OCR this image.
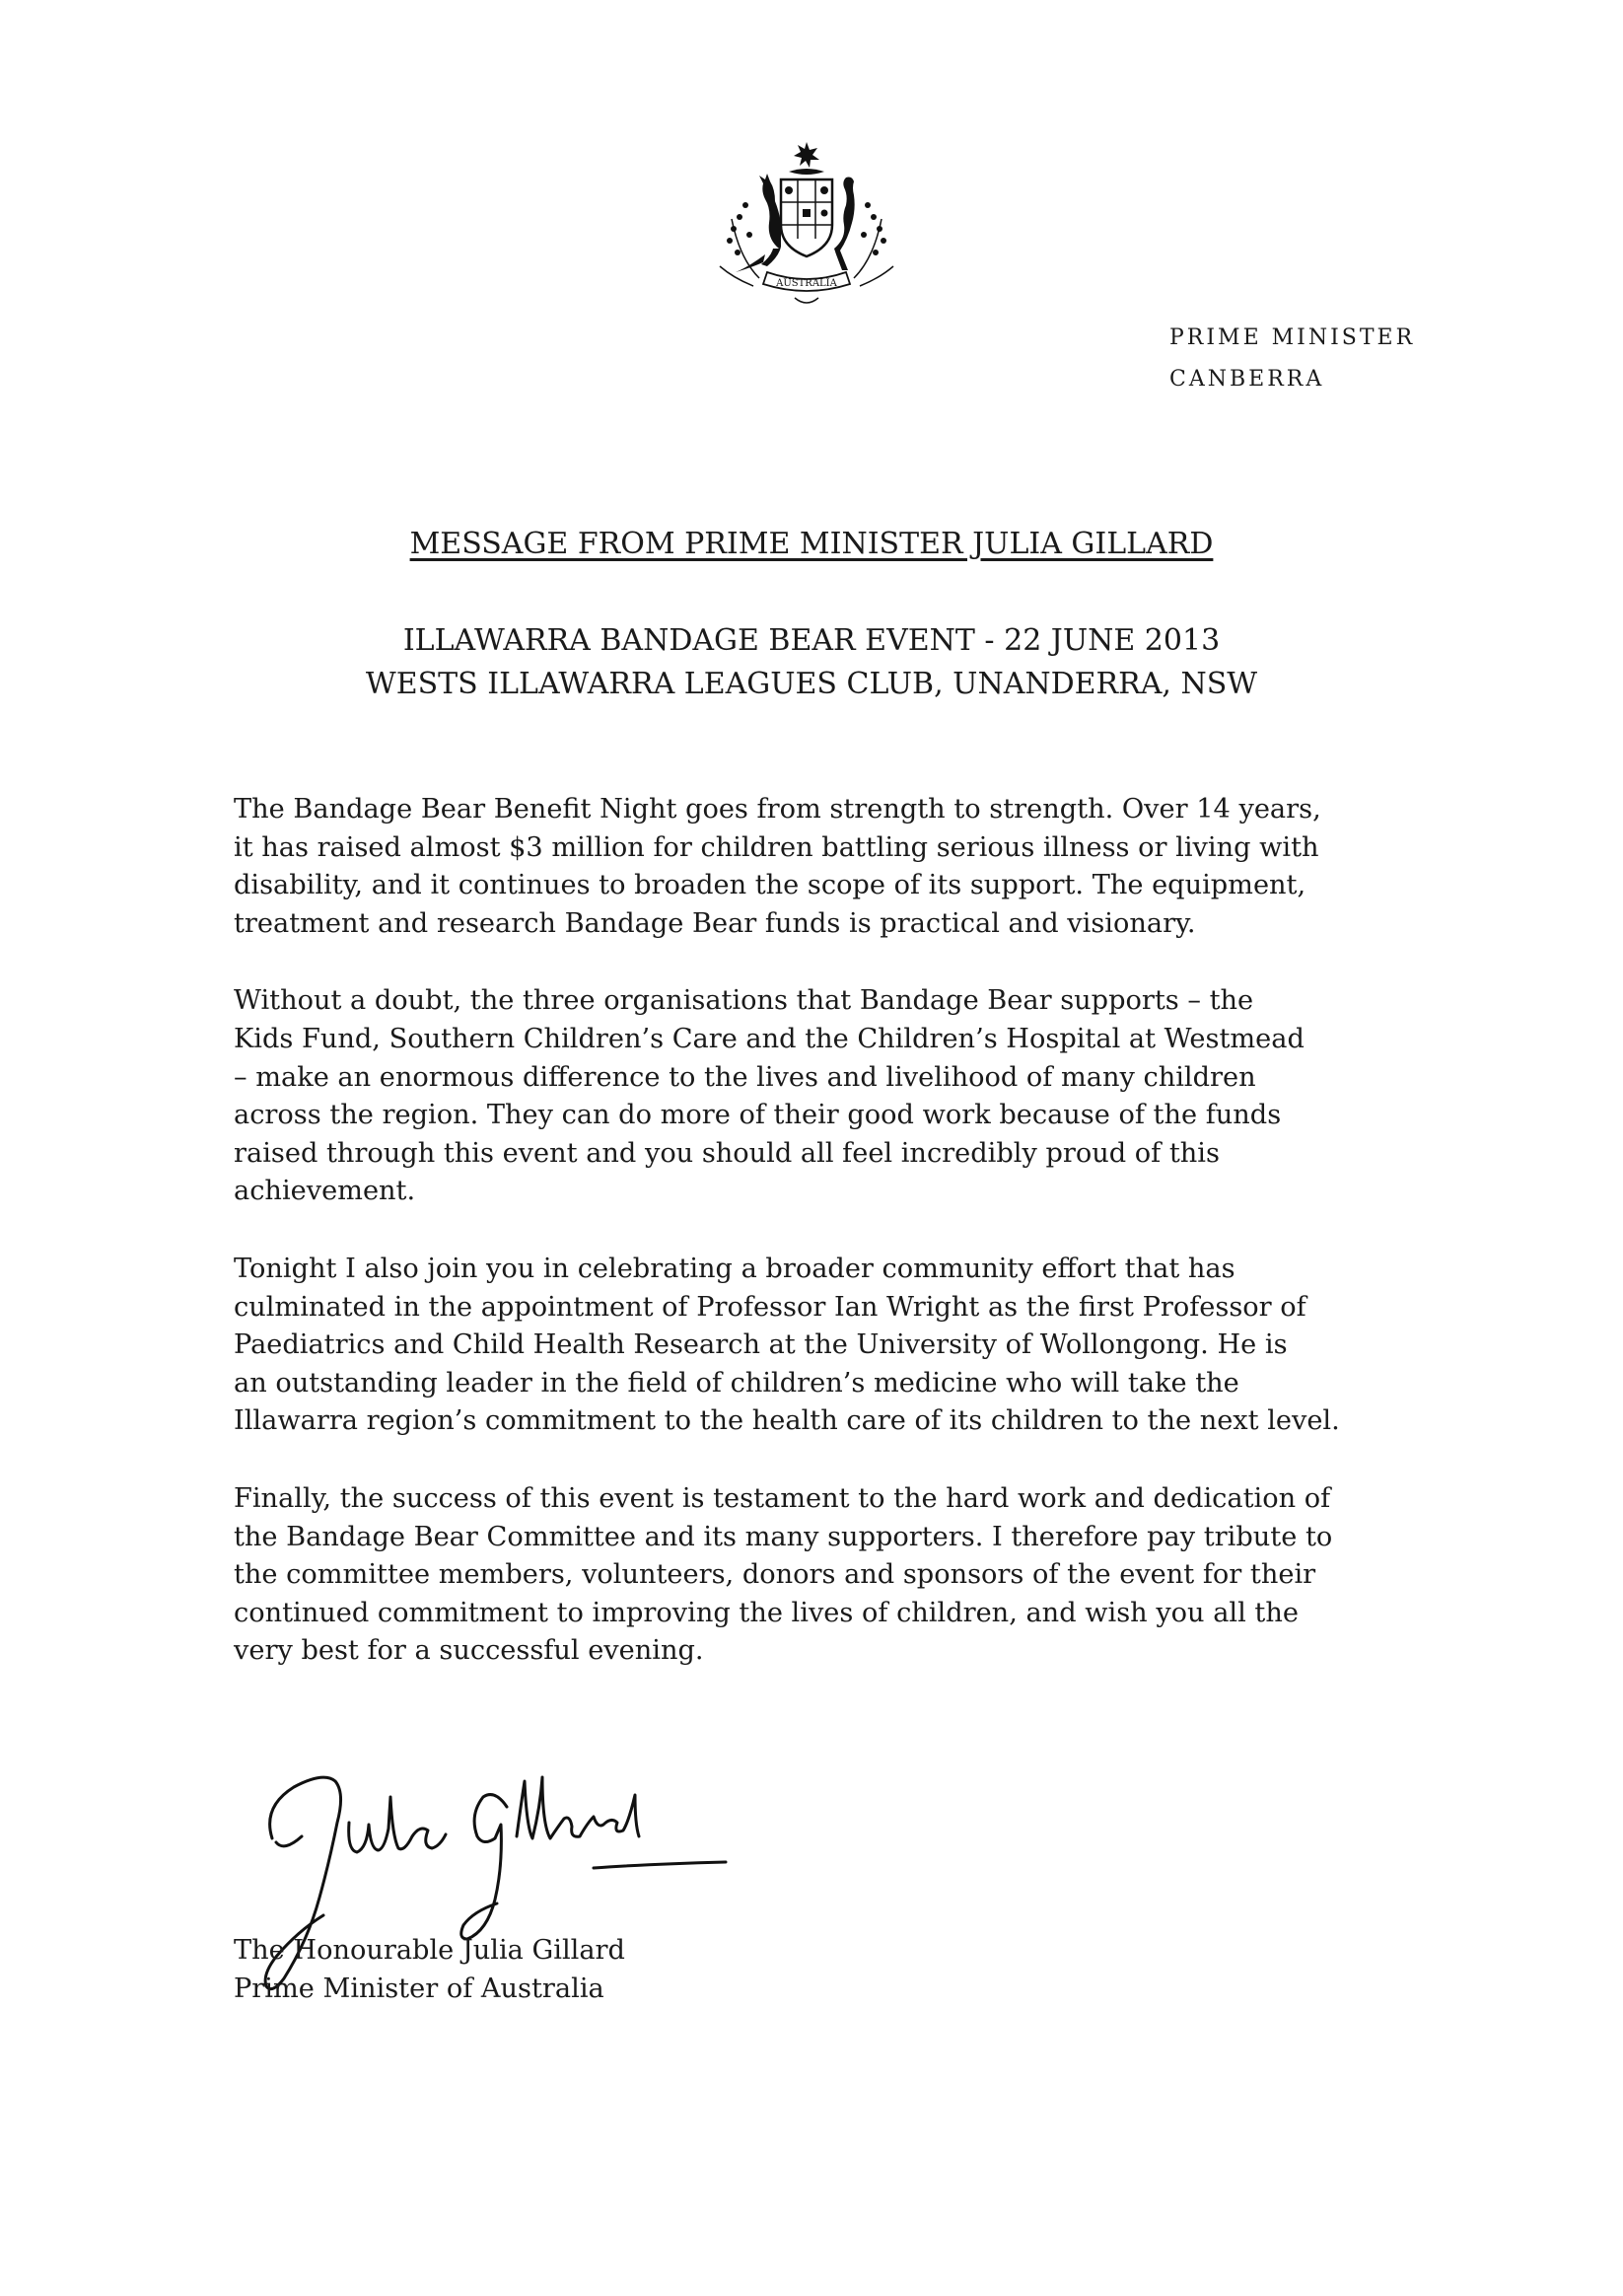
AUSTRALIA
PRIME MINISTER
CANBERRA
MESSAGE FROM PRIME MINISTER JULIA GILLARD
ILLAWARRA BANDAGE BEAR EVENT - 22 JUNE 2013
WESTS ILLAWARRA LEAGUES CLUB, UNANDERRA, NSW

The Bandage Bear Benefit Night goes from strength to strength. Over 14 years,
it has raised almost $3 million for children battling serious illness or living with
disability, and it continues to broaden the scope of its support. The equipment,
treatment and research Bandage Bear funds is practical and visionary.

Without a doubt, the three organisations that Bandage Bear supports – the
Kids Fund, Southern Children’s Care and the Children’s Hospital at Westmead
– make an enormous difference to the lives and livelihood of many children
across the region. They can do more of their good work because of the funds
raised through this event and you should all feel incredibly proud of this
achievement.

Tonight I also join you in celebrating a broader community effort that has
culminated in the appointment of Professor Ian Wright as the first Professor of
Paediatrics and Child Health Research at the University of Wollongong. He is
an outstanding leader in the field of children’s medicine who will take the
Illawarra region’s commitment to the health care of its children to the next level.

Finally, the success of this event is testament to the hard work and dedication of
the Bandage Bear Committee and its many supporters. I therefore pay tribute to
the committee members, volunteers, donors and sponsors of the event for their
continued commitment to improving the lives of children, and wish you all the
very best for a successful evening.

The Honourable Julia Gillard
Prime Minister of Australia
